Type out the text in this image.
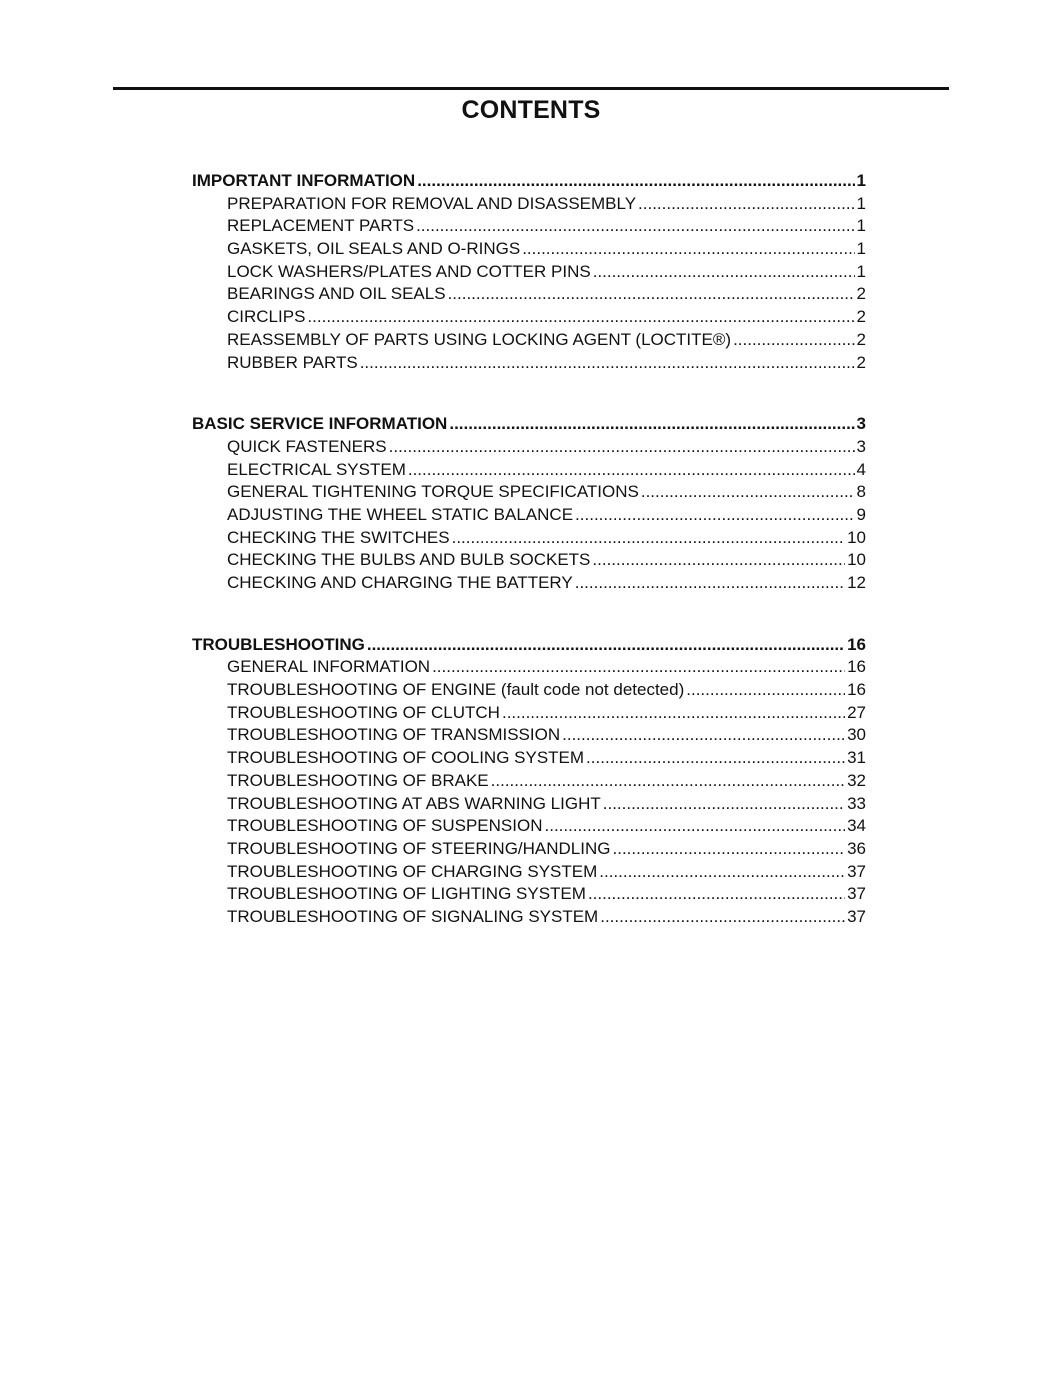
CONTENTS
IMPORTANT INFORMATION .....	1
PREPARATION FOR REMOVAL AND DISASSEMBLY .....	1
REPLACEMENT PARTS .....	1
GASKETS, OIL SEALS AND O-RINGS .....	1
LOCK WASHERS/PLATES AND COTTER PINS .....	1
BEARINGS AND OIL SEALS .....	2
CIRCLIPS .....	2
REASSEMBLY OF PARTS USING LOCKING AGENT (LOCTITE®) .....	2
RUBBER PARTS .....	2
BASIC SERVICE INFORMATION .....	3
QUICK FASTENERS .....	3
ELECTRICAL SYSTEM .....	4
GENERAL TIGHTENING TORQUE SPECIFICATIONS .....	8
ADJUSTING THE WHEEL STATIC BALANCE .....	9
CHECKING THE SWITCHES .....	10
CHECKING THE BULBS AND BULB SOCKETS .....	10
CHECKING AND CHARGING THE BATTERY .....	12
TROUBLESHOOTING .....	16
GENERAL INFORMATION .....	16
TROUBLESHOOTING OF ENGINE (fault code not detected) .....	16
TROUBLESHOOTING OF CLUTCH .....	27
TROUBLESHOOTING OF TRANSMISSION .....	30
TROUBLESHOOTING OF COOLING SYSTEM .....	31
TROUBLESHOOTING OF BRAKE .....	32
TROUBLESHOOTING AT ABS WARNING LIGHT .....	33
TROUBLESHOOTING OF SUSPENSION .....	34
TROUBLESHOOTING OF STEERING/HANDLING .....	36
TROUBLESHOOTING OF CHARGING SYSTEM .....	37
TROUBLESHOOTING OF LIGHTING SYSTEM .....	37
TROUBLESHOOTING OF SIGNALING SYSTEM .....	37
